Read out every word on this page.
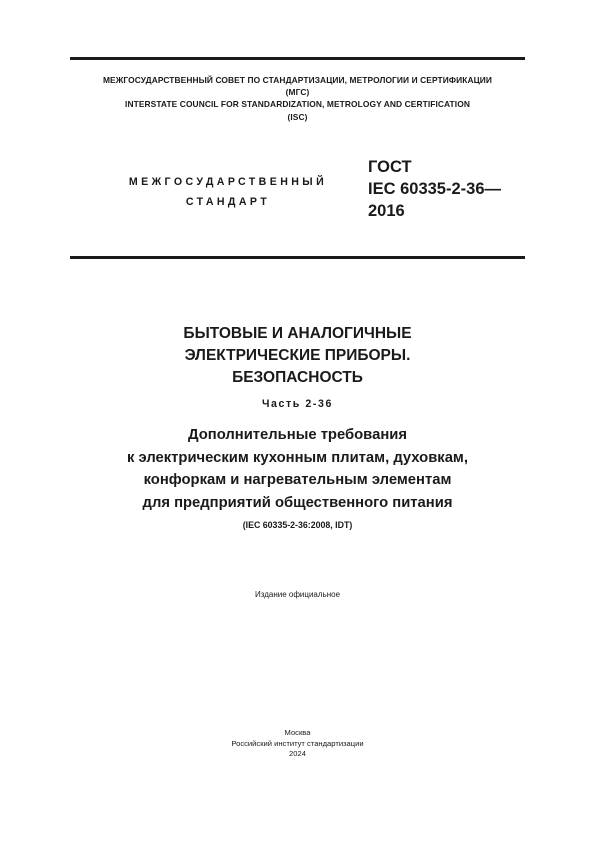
МЕЖГОСУДАРСТВЕННЫЙ СОВЕТ ПО СТАНДАРТИЗАЦИИ, МЕТРОЛОГИИ И СЕРТИФИКАЦИИ
(МГС)
INTERSTATE COUNCIL FOR STANDARDIZATION, METROLOGY AND CERTIFICATION
(ISC)
МЕЖГОСУДАРСТВЕННЫЙ
СТАНДАРТ
ГОСТ
IEC 60335-2-36—
2016
БЫТОВЫЕ И АНАЛОГИЧНЫЕ
ЭЛЕКТРИЧЕСКИЕ ПРИБОРЫ.
БЕЗОПАСНОСТЬ
Часть 2-36
Дополнительные требования
к электрическим кухонным плитам, духовкам,
конфоркам и нагревательным элементам
для предприятий общественного питания
(IEC 60335-2-36:2008, IDT)
Издание официальное
Москва
Российский институт стандартизации
2024
